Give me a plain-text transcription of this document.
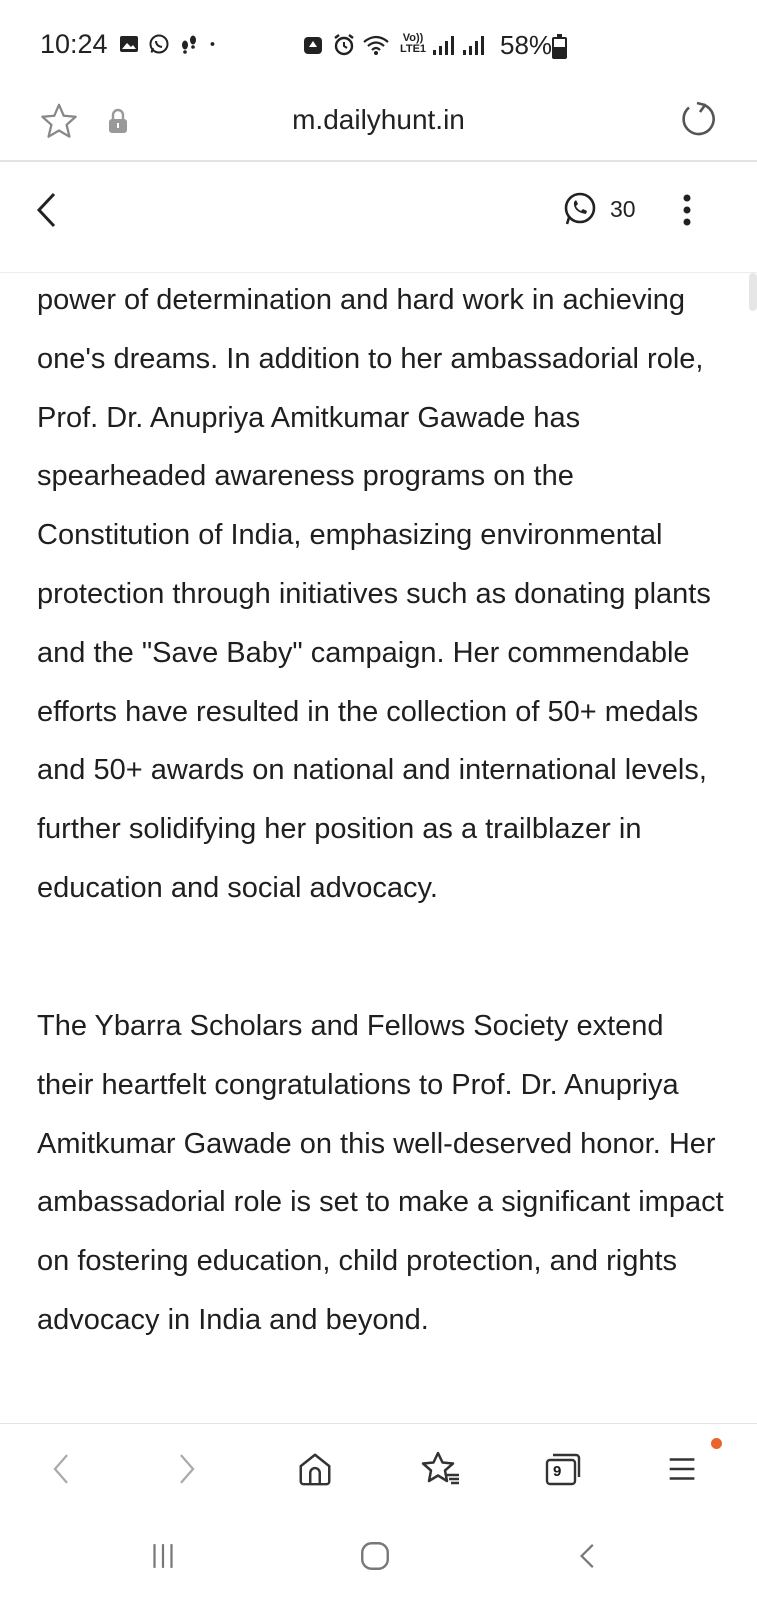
10:24	Vo))
LTE1	58%
m.dailyhunt.in
30

power of determination and hard work in achieving one's dreams. In addition to her ambassadorial role, Prof. Dr. Anupriya Amitkumar Gawade has spearheaded awareness programs on the Constitution of India, emphasizing environmental protection through initiatives such as donating plants and the "Save Baby" campaign. Her commendable efforts have resulted in the collection of 50+ medals and 50+ awards on national and international levels, further solidifying her position as a trailblazer in education and social advocacy.

The Ybarra Scholars and Fellows Society extend their heartfelt congratulations to Prof. Dr. Anupriya Amitkumar Gawade on this well-deserved honor. Her ambassadorial role is set to make a significant impact on fostering education, child protection, and rights advocacy in India and beyond.

9
